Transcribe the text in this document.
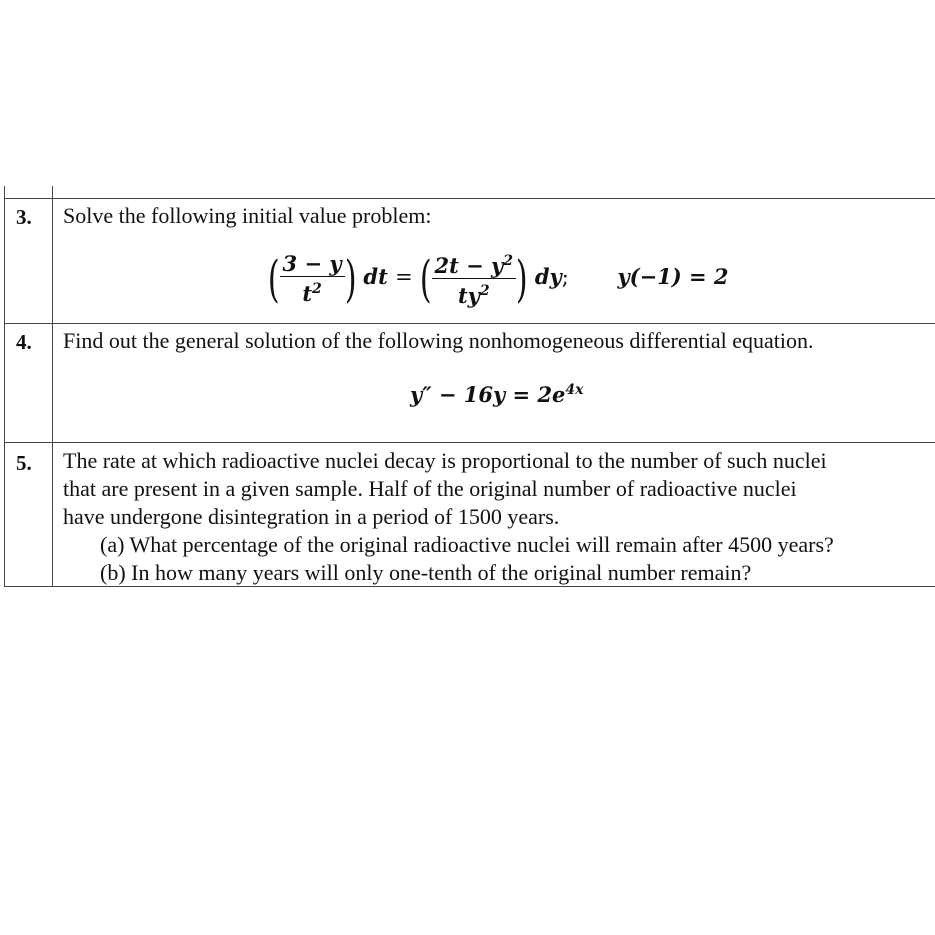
3. Solve the following initial value problem:
( $\frac{3 - y}{t^2}$ ) dt = ( $\frac{2t - y^2}{ty^2}$ ) dy; y(−1) = 2
4. Find out the general solution of the following nonhomogeneous differential equation.
$y'' - 16y = 2e^{4x}$
5. The rate at which radioactive nuclei decay is proportional to the number of such nuclei
that are present in a given sample. Half of the original number of radioactive nuclei
have undergone disintegration in a period of 1500 years.
(a) What percentage of the original radioactive nuclei will remain after 4500 years?
(b) In how many years will only one-tenth of the original number remain?
